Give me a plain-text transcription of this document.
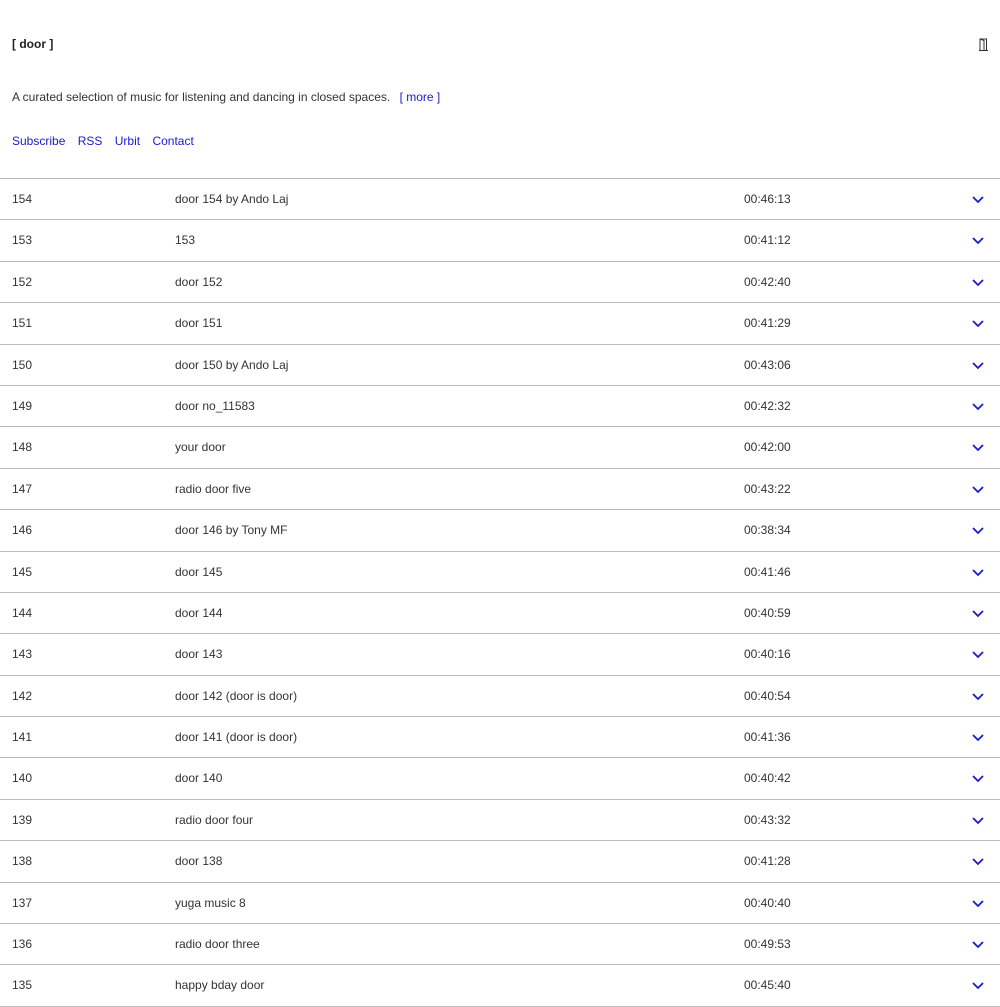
[ door ]
A curated selection of music for listening and dancing in closed spaces. [ more ]
Subscribe RSS Urbit Contact
154	door 154 by Ando Laj	00:46:13
153	153	00:41:12
152	door 152	00:42:40
151	door 151	00:41:29
150	door 150 by Ando Laj	00:43:06
149	door no_11583	00:42:32
148	your door	00:42:00
147	radio door five	00:43:22
146	door 146 by Tony MF	00:38:34
145	door 145	00:41:46
144	door 144	00:40:59
143	door 143	00:40:16
142	door 142 (door is door)	00:40:54
141	door 141 (door is door)	00:41:36
140	door 140	00:40:42
139	radio door four	00:43:32
138	door 138	00:41:28
137	yuga music 8	00:40:40
136	radio door three	00:49:53
135	happy bday door	00:45:40
